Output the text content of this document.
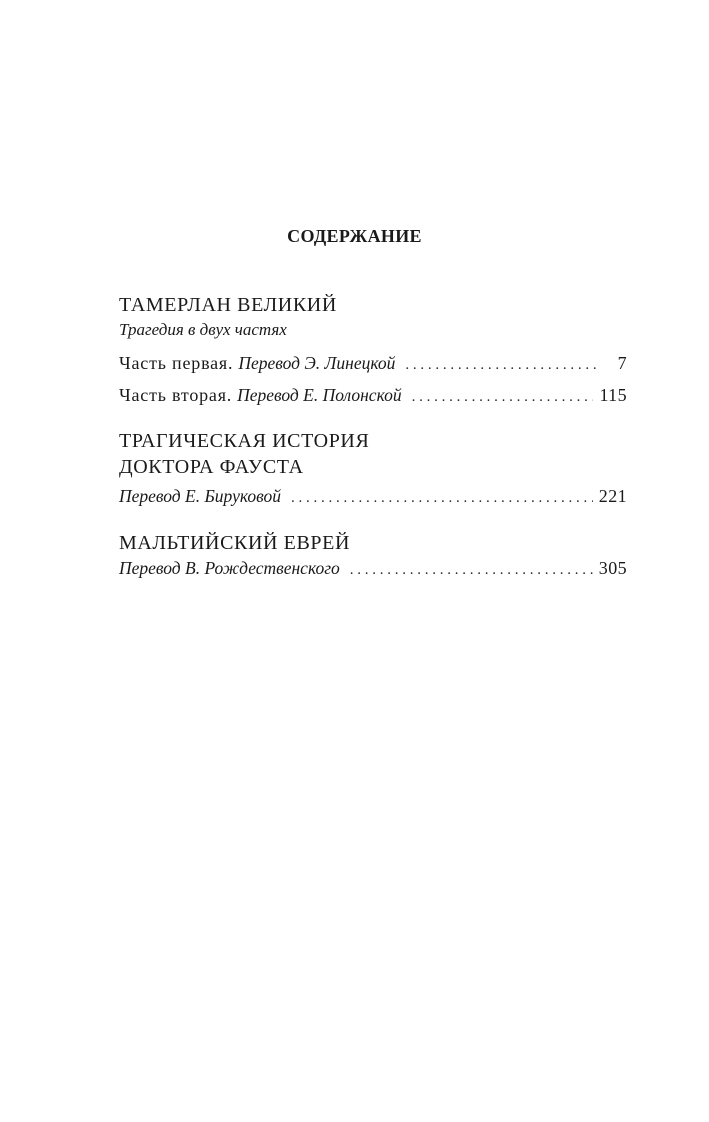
СОДЕРЖАНИЕ
ТАМЕРЛАН ВЕЛИКИЙ
Трагедия в двух частях
Часть первая. Перевод Э. Линецкой . . .	7
Часть вторая. Перевод Е. Полонской . . .	115
ТРАГИЧЕСКАЯ ИСТОРИЯ
ДОКТОРА ФАУСТА
Перевод Е. Бируковой . . .	221
МАЛЬТИЙСКИЙ ЕВРЕЙ
Перевод В. Рождественского . . .	305
